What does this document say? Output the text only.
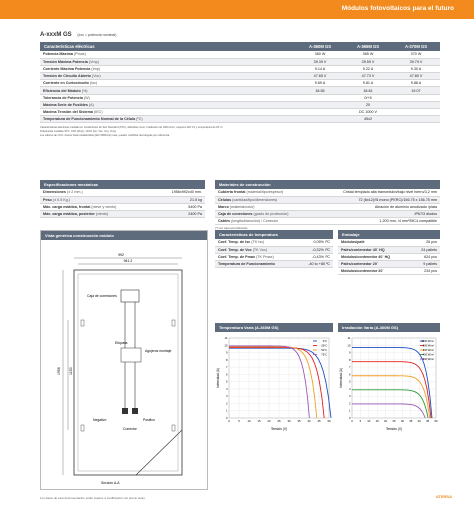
Módulos fotovoltaicos para el futuro
A-xxxM GS (xxx = potencia nominal)
Características eléctricas	A-360M GS	A-365M GS	A-370M GS
Potencia Máxima (Pmax)	360 W	365 W	370 W
Tensión Máxima Potencia (Vmp)	39.39 V	39.59 V	39.79 V
Corriente Máxima Potencia (Imp)	9.14 A	9.22 A	9.30 A
Tensión de Circuito Abierto (Voc)	47.65 V	47.73 V	47.80 V
Corriente en Cortocircuito (Isc)	9.69 A	9.81 A	9.88 A
Eficiencia del Módulo (%)	18.55	18.81	19.07
Tolerancia de Potencia (W)	0/+5		
Máxima Serie de Fusibles (A)	20		
Máxima Tensión del Sistema (IEC)	DC 1000 V		
Temperatura de Funcionamiento Normal de la Célula (ºC)	45±2		
Características eléctricas medidas en Condiciones de Test Standard (STC), definidas como: Irradiación de 1000 w/m², espectro AM 1.5 y temperatura de 25 ºC.
Tolerancias medidas STC: ±3% (Pmp); ±10% (Isc, Voc, Imp, Vmp).
Los valores de CCC: Anexa Solar establecidas (IEC 60904-9) unas, pueden modificar tecnologías por referencia.
Especificaciones mecánicas
Dimensiones (± 2 mm.)	1956x992x40 mm.
Peso (± 0.5 Kg.)	21.5 kg
Máx. carga estática, frontal (nieve y viento)	5400 Pa
Máx. carga estática, posterior (viento)	2400 Pa
Materiales de construcción
Cubierta frontal (material/tipo/espesor)	Cristal templado alta transmisión/bajo nivel hierro/3,2 mm
Células (cantidad/tipo/dimensiones)	72 (6x12)/Si mono (PERC)/156.75 x 156.75 mm
Marco (material/color)	Aleación de aluminio anodizado /plata
Caja de conexiones (grado de protección)	IP67/3 diodos
Cables (longitud/sección) / Conector	1,200 mm, /4 mm²/MC4 compatible
(*) Con capa anti-reflectante
Vista genérica construcción módulo
992
941.2
1956 1150
Caja de conexiones
Etiqueta
Agujeros montaje
Negativo	Positivo
Conector
Sección A-A
Características de temperatura
Coef. Temp. de Isc (TK Isc)	0,05% /ºC
Coef. Temp. de Voc (TK Voc)	-0,32% /ºC
Coef. Temp. de Pmax (TK Pmax)	-0,43% /ºC
Temperatura de Funcionamiento	-40 to +85 ºC
Embalaje
Módulos/palé	26 pcs
Palés/contenedor 40´ HQ	24 pallets
Módulos/contenedor 40´ HQ	624 pcs
Palés/contenedor 20´	9 pallets
Módulos/contenedor 20´	234 pcs
Temperatura Varía (A-360M GS)
0	5	10 15 20 25 30 35 40 45 50
0
1
2
3
4
5
6
7
8
9
10
11
Tensión (V)
Intensidad (A)
0ºC
25ºC
50ºC
75ºC
Irradiación Varía (A-360M GS)
0 5 10 15 20 25 30 35 40 45 50
0
1
2
3
4
5
6
7
8
9
10
11
Tensión (V)
Intensidad (A)
1000 W/m²
800 W/m²
600 W/m²
400 W/m²
200 W/m²
Los datos de esta documentación están sujetos a modificación sin previo aviso.	ATERSA
